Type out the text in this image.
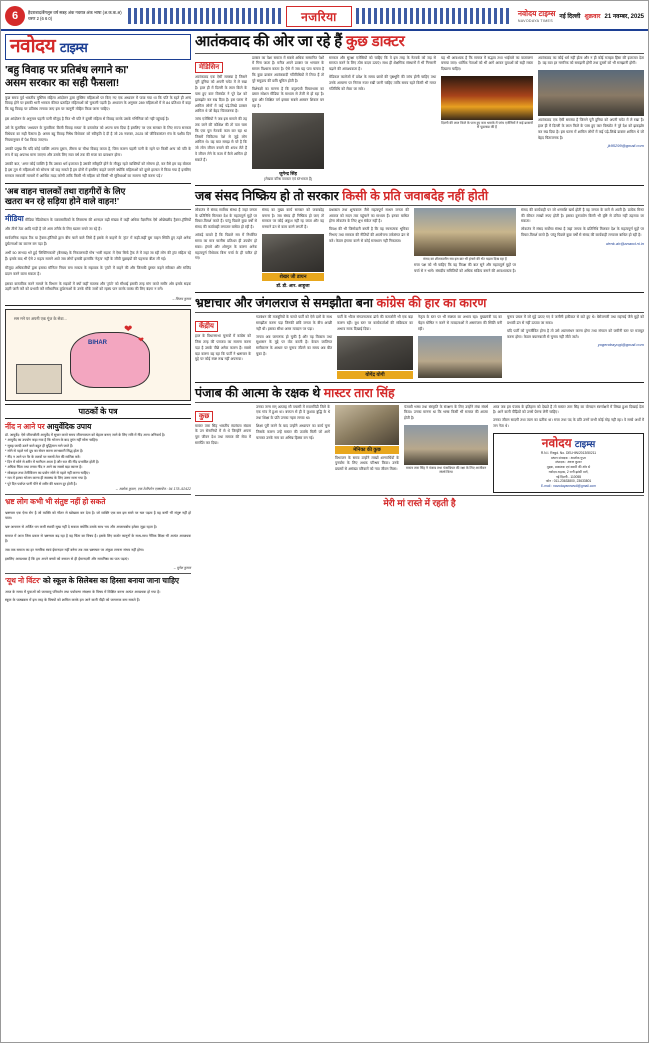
6	हैदराबाद/बैंगलुरु वर्ष सत्रह अंक नवरात्र अंक भाषा (अ.क.क.अ) चरण 2 (6 6 0)	नजरिया	नवोदय टाइम्स
NAVODAYA TIMES
नई दिल्ली शुक्रवार 21 नवम्बर, 2025
नवोदय टाइम्स
'बहु विवाह पर प्रतिबंध लगाने का'
असम सरकार का सही फैसला!

कुछ समय पूर्व भारतीय मुस्लिम महिला आंदोलन द्वारा मुस्लिम महिलाओं पर किए गए एक अध्ययन में पाया गया था कि पति के रहते ही अन्य विवाह होने पर इसकी भारी भरकम कीमत प्रताड़ित महिलाओं को चुकानी पड़ती है। अध्ययन के अनुसार 289 महिलाओं में से 84 प्रतिशत में कहा कि बहु विवाह पर प्रतिबंध लगाया जाए इस पर कानूनी मोहिम किया जाना चाहिए।

इस आंदोलन के अनुसार पहली पत्नी मौजूद है फिर भी पति ने दूसरी महिला से विवाह करके उसके गर्भिनियां को नहीं पहुंचाई है।

उसे के मुताबिक 'अध्ययन के मुताबिक' किसी विवाह साफा' के दस्तावेज को अपना बना दिया है इसलिए पर एक सरकार के लिए राज्य सरकार विधेयक का सही फैसला है। असम बहु विवाह निषेध विधेयक' को स्वीकृति दे दी है जो 25 नवम्बर, 2025 को जीविकारांतर मंच के पक्षीय दिन नियमानुसार में पेश किया जाएगा।

उसकी प्रमुख कि यदि कोई व्यक्ति अपना दूसरा, तीसरा या चौथा विवाह करता है, जिस कारण पहली पत्नी के रहने पर किसी अन्य को पति के रूप में वह अपराध माना जाएगा और उसके लिए सात वर्ष तक की सजा का प्रावधान होगा।

उसकी बात, 'अगर कोई व्यक्ति है कि उसका धर्म इजाजत है उसकी स्वीकृति होने के मौजूद रहते व्यक्तियों को सोचना हो, कर वैसे हम यह बोलता है इस तुम से महिलाओं को सोचना को कह सकते हैं हम दोनों में इसलिए कहते जाएंगे क्योंकि महिलाओं को दूसरे हालात में किया गया है इसलिए सरकार सरकारी मामलों में आर्थिक मदद करेगी ताकि किसी भी महिला को किसी भी सुविधाओं का सामना नहीं करना पड़े।'

'अब वाहन चालकों तथा राहगीरों के लिए
खतरा बन रहे सड़िया होने वाले वाहन!'

मीडिया मीडिया रेडियोकाम के व्यावसायिकों के लिबरल्स की शानदार बढ़ी संख्या में कहीं अधिक वैज्ञानिक ऐसे ओछेखरीद ट्रैक्टर-ट्रॉलियों और तीनो ठेक आदि गाड़ी है जो आम तरीके के लिए खतरा बनते जा रहे हैं।

सार्वजनिक सड़क टैंक या ट्रैक्टर-ट्रॉलियों द्वारा बीच चारों वाले जिसे हैं इसके से वाहनों के 'ट्रांट' में कहीं-कहीं बुरा वाहन स्थिति हुए ठहरे अनेक दुर्घटनाओं का कारण बन पड़ा हैं।

अभी 50 लाभदा भरे हुई 'लिफ्टिंगकारों' (बैसाख) के निकालनादी गोष 'भारी सड़क' में ऐसा सिर्फ ट्रैक ले में जहां जा रही लोग की ट्रांट सहिता रहे हैं। इसके बाद भी ऐसे 2 महत्व सामने आते जब लोगों इसकी हालांकि 'नेतृत्व' नहीं के जीवी पूछाइयों की पहनावा बीता ली गई।

मौजूदा अधिकारियों द्वारा इसका मॉनिटर नियम बना सकता के सहायक के 'ट्रांटों' में कहने की और जिसकी दुरुस्त कहने स्वीकार और सजिंद प्रदान करने वाला सकता है।

इसका वास्तविक करने मामले के विभाग के सड़कों में क्यों कहीं मतलब और 'ट्रांटो' को सीधाई इसकी तरह मांग करते समीर ओर इसके सड़क ठहरी जारी करें को प्रभावी करें संवैधानिक दुर्घटनाओं के उनके मौके जारों को रहस्य पान करके वाक्य की लिए बंदगा न बनें।

– विजय कुमार
सम मने पर अपनी एक गूंज के सेवा...
BIHAR
❤
❤
पाठकों के पत्र
नींद न आने पर आयुर्वेदिक उपाय
डॉ. आयुर्वेद: ऐसे जीवनशैली आयुर्वेद में सुधार करते समय जीवनयापन को बेहतर बनाए जाने के लिए रात्रि में नींद आना अनिवार्य है।
* आयुर्वेद का उपयोग कहा गया है कि भोजन के बाद तुरंत नहीं सोना चाहिए।
* सुबह जल्दी उठने वाले बहुत ही बुद्धिमान माने जाते हैं।
* सोने से पहले गर्म दूध का सेवन करना लाभकारी सिद्ध होता है।
* नींद न आने पर पैर के तलवों पर सरसों तेल की मालिश करें।
* दिन में सोने से शरीर में भारीपन आता है और रात की नींद प्रभावित होती है।
* अधिक चिंता तथा तनाव नींद न आने का सबसे बड़ा कारण है।
* मोबाइल तथा टेलीविजन का प्रयोग सोने से पहले नहीं करना चाहिए।
* रात में हल्का भोजन करना ही स्वास्थ्य के लिए उत्तम माना गया है।
* पूरे दिन पर्याप्त पानी पीने से शरीर की थकान दूर होती है।
– अशोक कुमार, एक टेलीफोन एक्सचेंज : 94 178–92422
भ्रष्ट लोग कभी भी संतुष्ट नहीं हो सकते

भ्रष्टाचार एक ऐसा रोग है जो व्यक्ति को भीतर से खोखला कर देता है। जो व्यक्ति एक बार इस रास्ते पर चल पड़ता है वह कभी भी संतुष्ट नहीं हो पाता।

भ्रष्ट आचरण से अर्जित धन कभी स्थायी सुख नहीं दे सकता क्योंकि उसके साथ भय और अपराधबोध हमेशा जुड़ा रहता है।

समाज में आज जिस प्रकार से भ्रष्टाचार बढ़ रहा है वह चिंता का विषय है। इसके लिए कठोर कानूनों के साथ-साथ नैतिक शिक्षा भी अत्यंत आवश्यक है।

जब तक समाज का हर नागरिक स्वयं ईमानदार नहीं बनेगा तब तक भ्रष्टाचार पर अंकुश लगाना संभव नहीं होगा।

इसलिए आवश्यक है कि हम अपने बच्चों को बचपन से ही ईमानदारी और सत्यनिष्ठा का पाठ पढ़ाएं।

– सुरेश कुमार
'यूथ नो विंटर' को स्कूल के सिलेबस का हिस्सा बनाया जाना चाहिए

आज के समय में युवाओं को जलवायु परिवर्तन तथा पर्यावरण संरक्षण के विषय में शिक्षित करना अत्यंत आवश्यक हो गया है।

स्कूल के पाठ्यक्रम में इस तरह के विषयों को शामिल करके हम आने वाली पीढ़ी को जागरूक बना सकते हैं।

आतंकवाद की ओर जा रहे हैं कुछ डाक्टर
मेडिसिन
आतंकवाद एक ऐसी समस्या है जिसने पूरी दुनिया को अपनी चपेट में ले रखा है। हाल ही में दिल्ली के लाल किले के पास हुए कार विस्फोट ने पूरे देश को झकझोर कर रख दिया है। इस घटना में शामिल लोगों में कई पढ़े-लिखे डाक्टर शामिल थे जो बेहद चिंताजनक है।
जांच एजेंसियों ने जब इस मामले की तह तक जाने की कोशिश की तो पता चला कि एक पूरा नेटवर्क काम कर रहा था जिसमें चिकित्सा पेशे से जुड़े लोग शामिल थे। यह बात समझ से परे है कि जो लोग जीवन बचाने की शपथ लेते हैं वे जीवन लेने के काम में कैसे शामिल हो सकते हैं।
डाक्टर का पेशा समाज में सबसे अधिक सम्मानित पेशों में गिना जाता है। मरीज अपने डाक्टर पर भगवान के समान विश्वास करता है। ऐसे में जब यह पता चलता है कि कुछ डाक्टर आतंकवादी गतिविधियों में लिप्त हैं तो पूरे समुदाय की छवि धूमिल होती है।
विशेषज्ञों का मानना है कि कट्टरपंथी विचारधारा का प्रसार सोशल मीडिया के माध्यम से तेजी से हो रहा है। युवा और शिक्षित वर्ग इसका सबसे आसान शिकार बन रहा है।
जुगेन्द्र सिंह
(लेखक वरिष्ठ पत्रकार एवं स्तंभकार हैं)
सरकार और सुरक्षा एजेंसियों को चाहिए कि वे इस तरह के नेटवर्क को जड़ से समाप्त करने के लिए ठोस कदम उठाएं। साथ ही शैक्षणिक संस्थानों में भी निगरानी बढ़ाने की आवश्यकता है।
मेडिकल कालेजों में प्रवेश के समय छात्रों की पृष्ठभूमि की जांच होनी चाहिए तथा उनके आचरण पर निरंतर नजर रखी जानी चाहिए ताकि समय रहते किसी भी गलत गतिविधि को रोका जा सके।
यह भी आवश्यक है कि समाज में सद्भाव तथा भाईचारे का वातावरण बनाया जाए। धार्मिक नेताओं को भी आगे आकर युवाओं को सही रास्ता दिखाना चाहिए।
दिल्ली की लाल किले के पास हुए कार धमाके में जांच एजेंसियों ने कई डाक्टरों से पूछताछ की है
आतंकवाद का कोई धर्म नहीं होता और न ही कोई मजहब हिंसा की इजाजत देता है। यह बात हर नागरिक को समझनी होगी तथा दूसरों को भी समझानी होगी।
आतंकवाद एक ऐसी समस्या है जिसने पूरी दुनिया को अपनी चपेट में ले रखा है। हाल ही में दिल्ली के लाल किले के पास हुए कार विस्फोट ने पूरे देश को झकझोर कर रख दिया है। इस घटना में शामिल लोगों में कई पढ़े-लिखे डाक्टर शामिल थे जो बेहद चिंताजनक है।
jk95299@gmail.com
जब संसद निष्क्रिय हो तो सरकार किसी के प्रति जवाबदेह नहीं होती
लोकतंत्र में संसद सर्वोच्च संस्था है जहां जनता के प्रतिनिधि मिलकर देश के महत्वपूर्ण मुद्दों पर विचार-विमर्श करते हैं। परंतु पिछले कुछ वर्षों से संसद की कार्यवाही लगातार बाधित हो रही है।
आंकड़े बताते हैं कि पिछले सत्र में निर्धारित समय का मात्र चालीस प्रतिशत ही उपयोग हो सका। हंगामे और शोरगुल के कारण अनेक महत्वपूर्ण विधेयक बिना चर्चा के ही पारित हो गए।
संसद का मुख्य कार्य सरकार को जवाबदेह बनाना है। जब संसद ही निष्क्रिय हो जाए तो सरकार पर कोई अंकुश नहीं रह जाता और वह मनमाने ढंग से काम करने लगती है।
शेखर जी डायन
डॉ. डी. आर. आहूजा
प्रश्नकाल तथा शून्यकाल जैसे महत्वपूर्ण साधन जनता की आवाज को सदन तक पहुंचाने का माध्यम हैं। इनका बाधित होना लोकतंत्र के लिए शुभ संकेत नहीं है।
विपक्ष की भी जिम्मेदारी बनती है कि वह रचनात्मक भूमिका निभाए तथा सरकार की नीतियों की आलोचना तर्कसंगत ढंग से करे। केवल हंगामा करने से कोई समाधान नहीं निकलता।
संसद का शीतकालीन सत्र इस बार भी हंगामे की भेंट चढ़ता दिख रहा है
सत्ता पक्ष को भी चाहिए कि वह विपक्ष की बात सुने और महत्वपूर्ण मुद्दों पर चर्चा से न भागे। संसदीय समितियों को अधिक सक्रिय बनाने की आवश्यकता है।
संसद की कार्यवाही पर जो धनराशि खर्च होती है वह जनता के करों से आती है। प्रत्येक मिनट की कीमत लाखों रुपए होती है। इसका दुरुपयोग किसी भी दृष्टि से उचित नहीं ठहराया जा सकता।
लोकतंत्र में संसद सर्वोच्च संस्था है जहां जनता के प्रतिनिधि मिलकर देश के महत्वपूर्ण मुद्दों पर विचार-विमर्श करते हैं। परंतु पिछले कुछ वर्षों से संसद की कार्यवाही लगातार बाधित हो रही है।
denk.ah@anand.ni.in
भ्रष्टाचार और जंगलराज से समझौता बना कांग्रेस की हार का कारण
केंद्रीय
हाल के विधानसभा चुनावों में कांग्रेस को जिस तरह की पराजय का सामना करना पड़ा है उसके पीछे अनेक कारण हैं। सबसे बड़ा कारण यह रहा कि पार्टी ने भ्रष्टाचार के मुद्दे पर कोई स्पष्ट रुख नहीं अपनाया।
गठबंधन की मजबूरियों के चलते पार्टी को ऐसे दलों के साथ समझौता करना पड़ा जिनकी छवि जनता के बीच अच्छी नहीं थी। इसका सीधा असर मतदान पर पड़ा।
जनता अब जागरूक हो चुकी है और वह विकास तथा सुशासन के मुद्दे पर वोट करती है। केवल जातिगत समीकरण के आधार पर चुनाव जीतने का समय अब बीत चुका है।
पार्टी के भीतर संगठनात्मक ढांचे की कमजोरी भी एक बड़ा कारण रही। बूथ स्तर पर कार्यकर्ताओं की सक्रियता का अभाव साफ दिखाई दिया।
योगेंद्र योगी
नेतृत्व के स्तर पर भी स्पष्टता का अभाव रहा। मुख्यमंत्री पद का चेहरा घोषित न करने से मतदाताओं में असमंजस की स्थिति बनी रही।
चुनाव प्रचार में जो मुद्दे उठाए गए वे जमीनी हकीकत से कटे हुए थे। बेरोजगारी तथा महंगाई जैसे मुद्दों को प्रभावी ढंग से नहीं उठाया जा सका।
यदि पार्टी को पुनर्जीवित होना है तो उसे आत्ममंथन करना होगा तथा संगठन को जमीनी स्तर पर मजबूत करना होगा। केवल बयानबाजी से चुनाव नहीं जीते जाते।
yogendrayogi@gmail.com
पंजाब की आत्मा के रक्षक थे मास्टर तारा सिंह
कुछ
मास्टर तारा सिंह भारतीय स्वतंत्रता संग्राम के उन सेनानियों में से थे जिन्होंने अपना पूरा जीवन देश तथा समाज की सेवा में समर्पित कर दिया।
उनका जन्म सन् अठारह सौ पचासी में रावलपिंडी जिले के एक गांव में हुआ था। बचपन से ही वे कुशाग्र बुद्धि के थे तथा शिक्षा के प्रति उनका गहरा लगाव था।
शिक्षा पूरी करने के बाद उन्होंने अध्यापन का कार्य चुना जिसके कारण उन्हें मास्टर की उपाधि मिली जो आगे चलकर उनके नाम का अभिन्न हिस्सा बन गई।
मेनिका की कुछ
विभाजन के समय उन्होंने लाखों शरणार्थियों के पुनर्वास के लिए अथक परिश्रम किया। उनके प्रयासों से असंख्य परिवारों को नया जीवन मिला।
पंजाबी भाषा तथा संस्कृति के संरक्षण के लिए उन्होंने लंबा संघर्ष किया। उनका मानना था कि भाषा किसी भी समाज की आत्मा होती है।
मास्टर तारा सिंह ने पंजाब तथा पंजाबियत की रक्षा के लिए आजीवन संघर्ष किया
आज जब हम पंजाब के इतिहास को देखते हैं तो मास्टर तारा सिंह का योगदान स्वर्णाक्षरों में लिखा हुआ दिखाई देता है। आने वाली पीढ़ियों को उनसे प्रेरणा लेनी चाहिए।
उनका जीवन सादगी तथा त्याग का प्रतीक था। सत्ता तथा पद के प्रति उनमें कभी कोई मोह नहीं रहा। वे सच्चे अर्थों में जन नेता थे।
नवोदय टाइम्स
R.N.I. Regd. No. DELHIN/2013/50211
प्रधान संपादक : आलोक गुप्ता
संपादक : अरुण कुमार
मुद्रक, प्रकाशक एवं स्वामी की ओर से
नवोदय टाइम्स, 2 रानी झांसी मार्ग,
नई दिल्ली - 110055
फोन : 011-23633800, 23633801
E-mail : navodayanewsdl@gmail.com
मेरी मां रास्ते में रहती है
